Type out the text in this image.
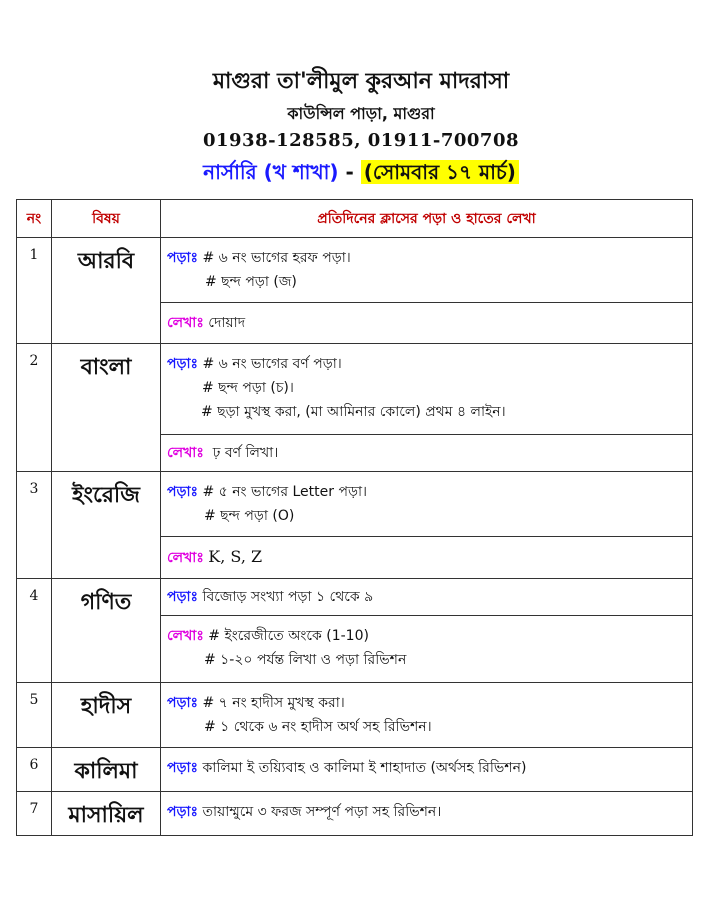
মাগুরা তা'লীমুল কুরআন মাদরাসা
কাউন্সিল পাড়া, মাগুরা
01938-128585, 01911-700708
নার্সারি (খ শাখা) - (সোমবার ১৭ মার্চ)
নং	বিষয়	প্রতিদিনের ক্লাসের পড়া ও হাতের লেখা
1	আরবি	পড়াঃ # ৬ নং ভাগের হরফ পড়া।
# ছন্দ পড়া (জ)
		লেখাঃ দোয়াদ
2	বাংলা	পড়াঃ # ৬ নং ভাগের বর্ণ পড়া।
# ছন্দ পড়া (চ)।
# ছড়া মুখস্থ করা, (মা আমিনার কোলে) প্রথম ৪ লাইন।
		লেখাঃ ঢ় বর্ণ লিখা।
3	ইংরেজি	পড়াঃ # ৫ নং ভাগের Letter পড়া।
# ছন্দ পড়া (O)
		লেখাঃ K, S, Z
4	গণিত	পড়াঃ বিজোড় সংখ্যা পড়া ১ থেকে ৯
		লেখাঃ # ইংরেজীতে অংকে (1-10)
# ১-২০ পর্যন্ত লিখা ও পড়া রিভিশন
5	হাদীস	পড়াঃ # ৭ নং হাদীস মুখস্থ করা।
# ১ থেকে ৬ নং হাদীস অর্থ সহ রিভিশন।
6	কালিমা	পড়াঃ কালিমা ই তয়্যিবাহ ও কালিমা ই শাহাদাত (অর্থসহ রিভিশন)
7	মাসায়িল	পড়াঃ তায়াম্মুমে ৩ ফরজ সম্পূর্ণ পড়া সহ রিভিশন।
